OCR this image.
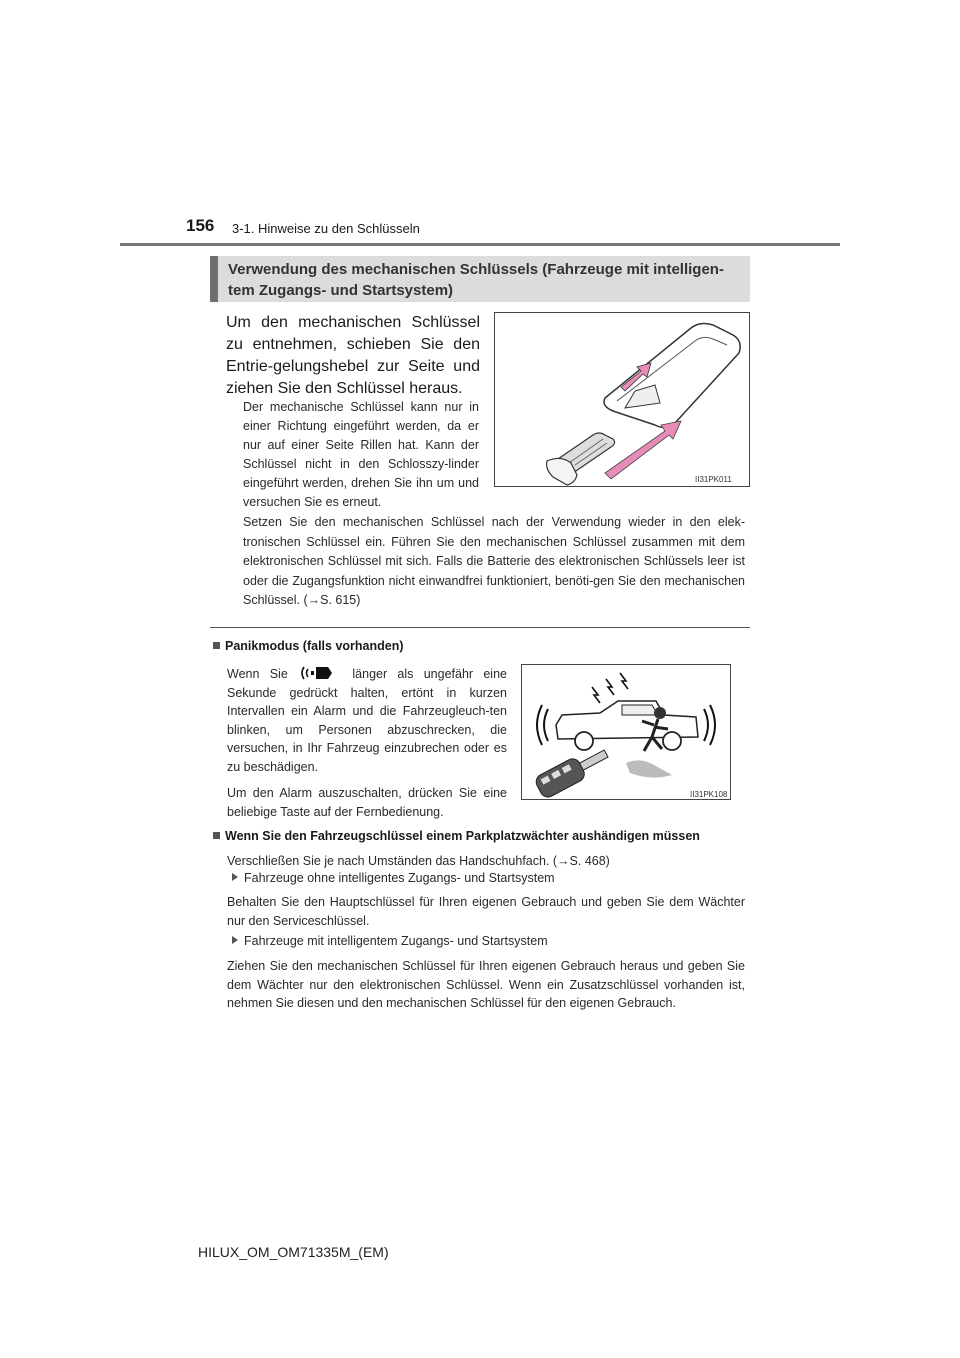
156 3-1. Hinweise zu den Schlüsseln
Verwendung des mechanischen Schlüssels (Fahrzeuge mit intelligen-
tem Zugangs- und Startsystem)
Um den mechanischen Schlüssel zu entnehmen, schieben Sie den Entrie-gelungshebel zur Seite und ziehen Sie den Schlüssel heraus.
Der mechanische Schlüssel kann nur in einer Richtung eingeführt werden, da er nur auf einer Seite Rillen hat. Kann der Schlüssel nicht in den Schlosszy-linder eingeführt werden, drehen Sie ihn um und versuchen Sie es erneut.
II31PK011
Setzen Sie den mechanischen Schlüssel nach der Verwendung wieder in den elek-tronischen Schlüssel ein. Führen Sie den mechanischen Schlüssel zusammen mit dem elektronischen Schlüssel mit sich. Falls die Batterie des elektronischen Schlüssels leer ist oder die Zugangsfunktion nicht einwandfrei funktioniert, benöti-gen Sie den mechanischen Schlüssel. (→S. 615)
Panikmodus (falls vorhanden)

Wenn Sie	länger als ungefähr eine Sekunde gedrückt halten, ertönt in kurzen Intervallen ein Alarm und die Fahrzeugleuch-ten blinken, um Personen abzuschrecken, die versuchen, in Ihr Fahrzeug einzubrechen oder es zu beschädigen.

Um den Alarm auszuschalten, drücken Sie eine beliebige Taste auf der Fernbedienung.

II31PK108
Wenn Sie den Fahrzeugschlüssel einem Parkplatzwächter aushändigen müssen
Verschließen Sie je nach Umständen das Handschuhfach. (→S. 468)
Fahrzeuge ohne intelligentes Zugangs- und Startsystem
Behalten Sie den Hauptschlüssel für Ihren eigenen Gebrauch und geben Sie dem Wächter nur den Serviceschlüssel.
Fahrzeuge mit intelligentem Zugangs- und Startsystem
Ziehen Sie den mechanischen Schlüssel für Ihren eigenen Gebrauch heraus und geben Sie dem Wächter nur den elektronischen Schlüssel. Wenn ein Zusatzschlüssel vorhanden ist, nehmen Sie diesen und den mechanischen Schlüssel für den eigenen Gebrauch.
HILUX_OM_OM71335M_(EM)
